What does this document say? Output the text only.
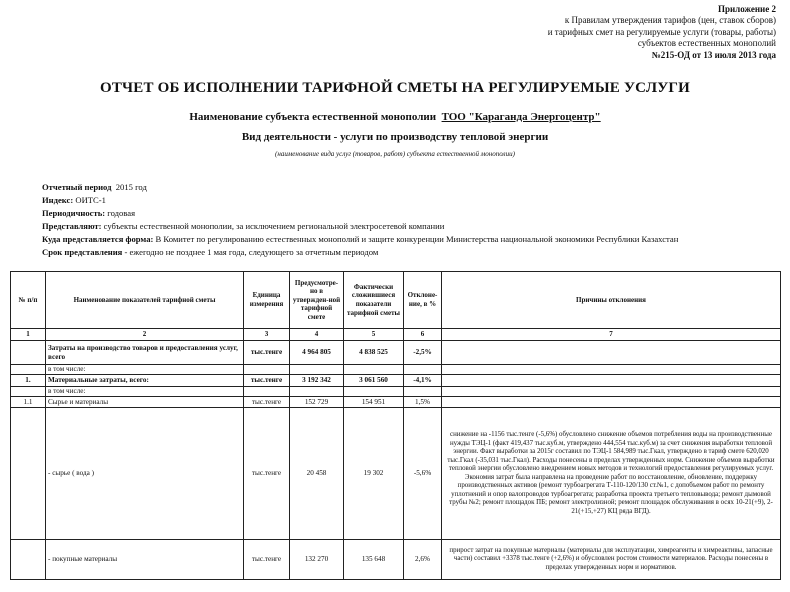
Приложение 2
к Правилам утверждения тарифов (цен, ставок сборов)
и тарифных смет на регулируемые услуги (товары, работы)
субъектов естественных монополий
№215-ОД от 13 июля 2013 года
ОТЧЕТ ОБ ИСПОЛНЕНИИ ТАРИФНОЙ СМЕТЫ НА РЕГУЛИРУЕМЫЕ УСЛУГИ
Наименование субъекта естественной монополии ТОО "Караганда Энергоцентр"
Вид деятельности - услуги по производству тепловой энергии
(наименование вида услуг (товаров, работ) субъекта естественной монополии)
Отчетный период 2015 год
Индекс: ОИТС-1
Периодичность: годовая
Представляют: субъекты естественной монополии, за исключением региональной электросетевой компании
Куда представляется форма: В Комитет по регулированию естественных монополий и защите конкуренции Министерства национальной экономики Республики Казахстан
Срок представления - ежегодно не позднее 1 мая года, следующего за отчетным периодом
№ п/п	Наименование показателей тарифной сметы	Единица измерения	Предусмотре-но в утвержден-ной тарифной смете	Фактически сложившиеся показатели тарифной сметы	Отклоне-ние, в %	Причины отклонения
1	2	3	4	5	6	7
	Затраты на производство товаров и предоставления услуг, всего	тыс.тенге	4 964 805	4 838 525	-2,5%	
	в том числе:					
1.	Материальные затраты, всего:	тыс.тенге	3 192 342	3 061 560	-4,1%	
	в том числе:					
1.1	Сырье и материалы	тыс.тенге	152 729	154 951	1,5%	
	- сырье ( вода )	тыс.тенге	20 458	19 302	-5,6%	снижение на -1156 тыс.тенге (-5,6%) обусловлено снижение объемов потребления воды на производственные нужды ТЭЦ-1 (факт 419,437 тыс.куб.м, утверждено 444,554 тыс.куб.м) за счет снижения выработки тепловой энергии. Факт выработки за 2015г составил по ТЭЦ-1 584,989 тыс.Гкал, утверждено в тариф смете 620,020 тыс.Гкал (-35,031 тыс.Гкал). Расходы понесены в пределах утвержденных норм. Снижение объемов выработки тепловой энергии обусловлено внедрением новых методов и технологий предоставления регулируемых услуг. Экономия затрат была направлена на проведение работ по восстановление, обновление, поддержку производственных активов (ремонт турбоагрегата Т-110-120/130 ст.№1, с допобъемом работ по ремонту уплотнений и опор валопроводов турбоагрегата; разработка проекта третьего тепловывода; ремонт дымовой трубы №2; ремонт площадок ПБ; ремонт электролизной; ремонт площадок обслуживания в осях 10-21(+9), 2-21(+15,+27) КЦ ряда ВГД).
	- покупные материалы	тыс.тенге	132 270	135 648	2,6%	прирост затрат на покупные материалы (материалы для эксплуатации, химреагенты и химреактивы, запасные части) составил +3378 тыс.тенге (+2,6%) и обусловлен ростом стоимости материалов. Расходы понесены в пределах утвержденных норм и нормативов.
